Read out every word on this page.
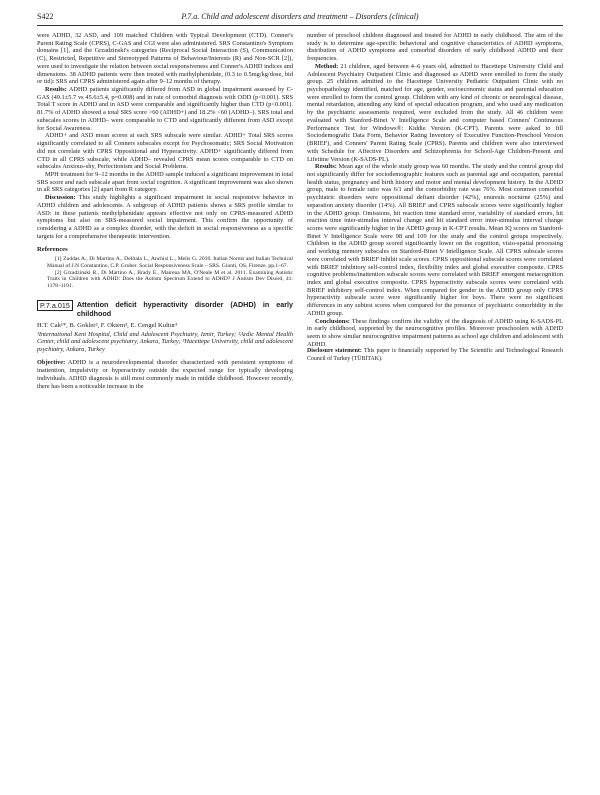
S422	P.7.a. Child and adolescent disorders and treatment – Disorders (clinical)

were ADHD, 32 ASD, and 109 matched Children with Typical Development (CTD). Conner's Parent Rating Scale (CPRS), C-GAS and CGI were also administered. SRS Constantino's Symptom domains [1], and the Grzadzinski's categories (Reciprocal Social Interaction (S), Communication (C), Restricted, Repetitive and Stereotyped Patterns of Behaviour/Interests (R) and Non-SCR [2]), were used to investigate the relation between social responsiveness and Conner's ADHD indices and dimensions. 38 ADHD patients were then treated with methylphenidate, (0.3 to 0.5mg/kg/dose, bid or tid): SRS and CPRS administered again after 9–12 months of therapy.

Results: ADHD patients significantly differed from ASD in global impairment assessed by C-GAS (49.1±5.7 vs 45.6±5.4, p=0.008) and in rate of comorbid diagnosis with ODD (p<0.001). SRS Total T score in ADHD and in ASD were comparable and significantly higher than CTD (p<0.001). 81.7% of ADHD showed a total SRS score >60 (ADHD+) and 18.2% <60 (ADHD–). SRS total and subscales scores in ADHD– were comparable to CTD and significantly different from ASD except for Social Awareness.

ADHD+ and ASD mean scores at each SRS subscale were similar. ADHD+ Total SRS scores significantly correlated to all Conners subscales except for Psychosomatic; SRS Social Motivation did not correlate with CPRS Oppositional and Hyperactivity. ADHD+ significantly differed from CTD in all CPRS subscale, while ADHD– revealed CPRS mean scores comparable to CTD on subscales Anxious-shy, Perfectionism and Social Problems.

MPH treatment for 9–12 months in the ADHD sample induced a significant improvement in total SRS score and each subscale apart from social cognition. A significant improvement was also shown in all SRS categories [2] apart from R category.

Discussion: This study highlights a significant impairment in social responsive behavior in ADHD children and adolescents. A subgroup of ADHD patients shows a SRS profile similar to ASD: in these patients methylphenidate appears effective not only on CPRS-measured ADHD symptoms but also on SRS-measured social impairment. This confirm the opportunity of considering a ADHD as a complex disorder, with the deficit in social responsiveness as a specific targets for a comprehensive therapeutic intervention.

References

[1] Zuddas A., Di Martino A., Delitala L., Anchisi L., Melis G. 2010. Italian Norms and Italian Technical Manual of J.N Constantino, C.P. Gruber. Social Responsiveness Scale – SRS. Giunti, OS, Firenze. pp.1–67.

[2] Grzadzinski R., Di Martino A., Brady E., Mairena MA, O'Neale M et al. 2011. Examining Autistic Traits in Children with ADHD: Does the Autism Spectrum Extend to ADHD? J Autism Dev Disord, 41: 1178–1191.

P.7.a.015 Attention deficit hyperactivity disorder (ADHD) in early childhood
H.T. Cak¹*, B. Gokler², F. Oktem³, E. Cengel Kultur³
¹International Kent Hospital, Child and Adolescent Psychiatry, Izmir, Turkey; ²Ardic Mental Health Center, child and adolescent psychiatry, Ankara, Turkey; ³Hacettepe University, child and adolescent psychiatry, Ankara, Turkey

Objective: ADHD is a neurodevelopmental disorder characterized with persistent symptoms of inattention, impulsivity or hyperactivity outside the expected range for typically developing individuals. ADHD diagnosis is still most commonly made in middle childhood. However recently, there has been a noticeable increase in the

number of preschool children diagnosed and treated for ADHD in early childhood. The aim of the study is to determine age-specific behavioral and cognitive characteristics of ADHD symptoms, distribution of ADHD symptoms and comorbid disorders of early childhood ADHD and their frequencies.

Method: 21 children, aged between 4–6 years old, admitted to Hacettepe University Child and Adolescent Psychiatry Outpatient Clinic and diagnosed as ADHD were enrolled to form the study group. 25 children admitted to the Hacettepe University Pediatric Outpatient Clinic with no psychopathology identified, matched for age, gender, socioeconomic status and parental education were enrolled to form the control group. Children with any kind of chronic or neurological disease, mental retardation, attending any kind of special education program, and who used any medication by the psychiatric assessments required, were excluded from the study. All 46 children were evaluated with Stanford-Binet V Intelligence Scale and computer based Conners' Continuous Performance Test for Windows®: Kiddie Version (K-CPT). Parents were asked to fill Sociodemografic Data Form, Behavior Rating Inventory of Executive Function-Preschool Version (BRIEF), and Conners' Parent Rating Scale (CPRS). Parents and children were also interviewed with Schedule for Affective Disorders and Schizophrenia for School-Age Children-Present and Lifetime Version (K-SADS-PL).

Results: Mean age of the whole study group was 60 months. The study and the control group did not significantly differ for sociodemographic features such as parental age and occupation, parental health status, pregnancy and birth history and motor and mental development history. In the ADHD group, male to female ratio was 6/1 and the comorbidity rate was 76%. Most common comorbid psychiatric disorders were oppositional defiant disorder (42%), enuresis nocturne (25%) and separation anxiety disorder (14%). All BRIEF and CPRS subscale scores were significantly higher in the ADHD group. Omissions, hit reaction time standard error, variability of standard errors, hit reaction time inter-stimulus interval change and hit standard error inter-stimulus interval change scores were significantly higher in the ADHD group in K-CPT results. Mean IQ scores on Stanford-Binet V Intelligence Scale were 98 and 109 for the study and the control groups respectively. Children in the ADHD group scored significantly lower on the cognition, visio-spatial processing and working memory subscales on Stanford-Binet V Intelligence Scale. All CPRS subscale scores were correlated with BRIEF inhibit scale scores. CPRS oppositional subscale scores were correlated with BRIEF inhibitory self-control index, flexibility index and global executive composite. CPRS cognitive problems/inattention subscale scores were correlated with BRIEF emergent metacognition index and global executive composite. CPRS hyperactivity subscale scores were correlated with BRIEF inhibitory self-control index. When compared for gender in the ADHD group only CPRS hyperactivity subscale score were significantly higher for boys. There were no significant differences in any subtest scores when compared for the presence of psychiatric comorbidity in the ADHD group.

Conclusions: These findings confirm the validity of the diagnosis of ADHD using K-SADS-PL in early childhood, supported by the neurocognitive profiles. Moreover preschoolers with ADHD seem to show similar neurocognitive impairment patterns as school age children and adolescent with ADHD.

Disclosure statement: This paper is financially supported by The Scientific and Technological Research Council of Turkey (TÜBİTAK).
